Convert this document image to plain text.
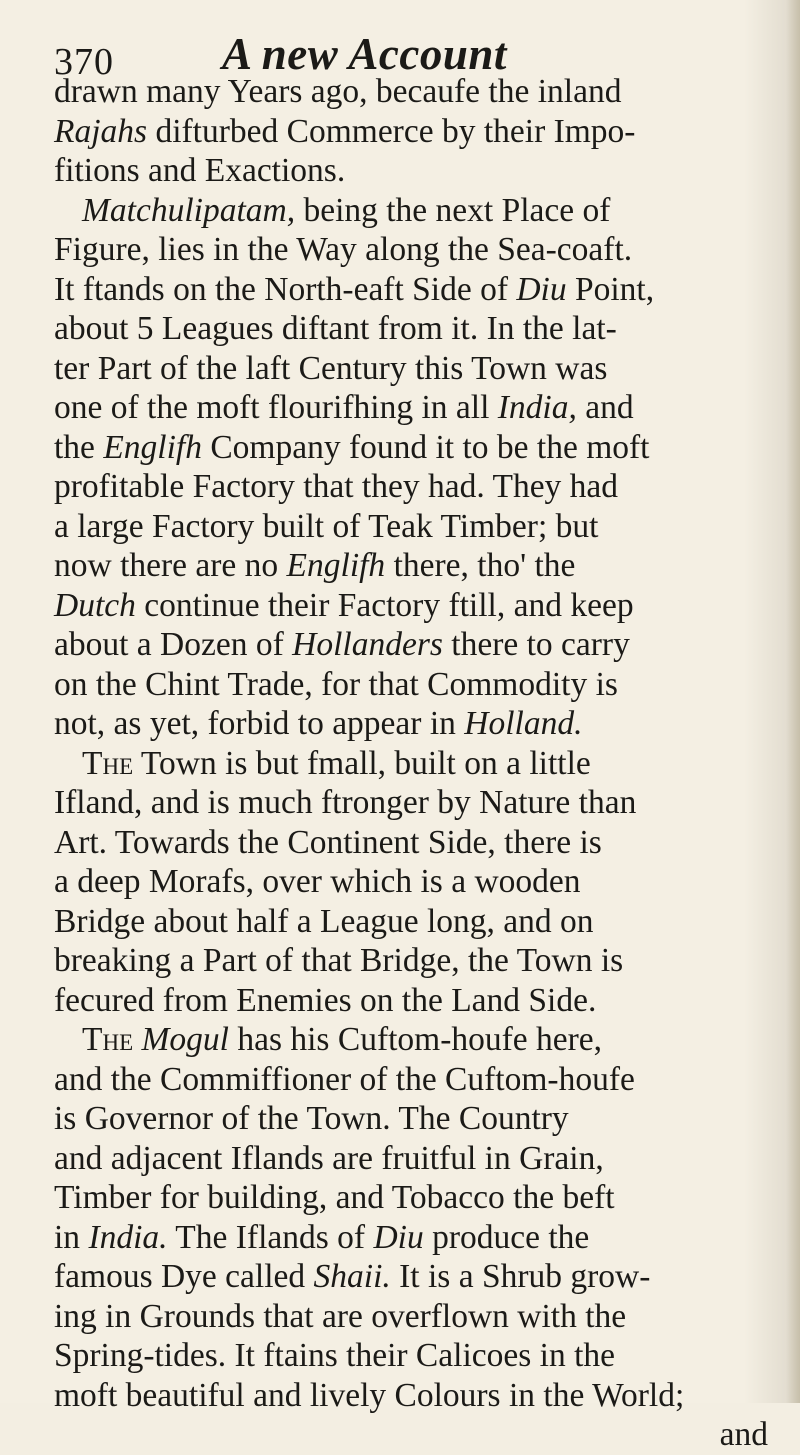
370 A new Account
drawn many Years ago, becaufe the inland
Rajahs difturbed Commerce by their Impo-
fitions and Exactions.
Matchulipatam, being the next Place of
Figure, lies in the Way along the Sea-coaft.
It ftands on the North-eaft Side of Diu Point,
about 5 Leagues diftant from it. In the lat-
ter Part of the laft Century this Town was
one of the moft flourifhing in all India, and
the Englifh Company found it to be the moft
profitable Factory that they had. They had
a large Factory built of Teak Timber; but
now there are no Englifh there, tho' the
Dutch continue their Factory ftill, and keep
about a Dozen of Hollanders there to carry
on the Chint Trade, for that Commodity is
not, as yet, forbid to appear in Holland.
The Town is but fmall, built on a little
Ifland, and is much ftronger by Nature than
Art. Towards the Continent Side, there is
a deep Morafs, over which is a wooden
Bridge about half a League long, and on
breaking a Part of that Bridge, the Town is
fecured from Enemies on the Land Side.
The Mogul has his Cuftom-houfe here,
and the Commiffioner of the Cuftom-houfe
is Governor of the Town. The Country
and adjacent Iflands are fruitful in Grain,
Timber for building, and Tobacco the beft
in India. The Iflands of Diu produce the
famous Dye called Shaii. It is a Shrub grow-
ing in Grounds that are overflown with the
Spring-tides. It ftains their Calicoes in the
moft beautiful and lively Colours in the World;
and
